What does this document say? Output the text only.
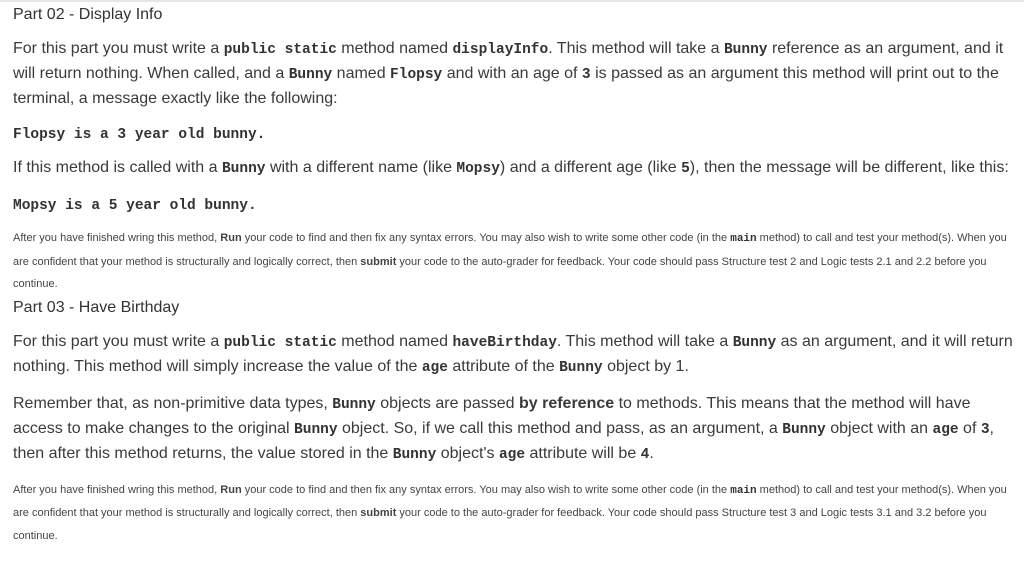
Part 02 - Display Info

For this part you must write a public static method named displayInfo. This method will take a Bunny reference as an argument, and it will return nothing. When called, and a Bunny named Flopsy and with an age of 3 is passed as an argument this method will print out to the terminal, a message exactly like the following:

Flopsy is a 3 year old bunny.

If this method is called with a Bunny with a different name (like Mopsy) and a different age (like 5), then the message will be different, like this:

Mopsy is a 5 year old bunny.

After you have finished wring this method, Run your code to find and then fix any syntax errors. You may also wish to write some other code (in the main method) to call and test your method(s). When you are confident that your method is structurally and logically correct, then submit your code to the auto-grader for feedback. Your code should pass Structure test 2 and Logic tests 2.1 and 2.2 before you continue.

Part 03 - Have Birthday

For this part you must write a public static method named haveBirthday. This method will take a Bunny as an argument, and it will return nothing. This method will simply increase the value of the age attribute of the Bunny object by 1.

Remember that, as non-primitive data types, Bunny objects are passed by reference to methods. This means that the method will have access to make changes to the original Bunny object. So, if we call this method and pass, as an argument, a Bunny object with an age of 3, then after this method returns, the value stored in the Bunny object's age attribute will be 4.

After you have finished wring this method, Run your code to find and then fix any syntax errors. You may also wish to write some other code (in the main method) to call and test your method(s). When you are confident that your method is structurally and logically correct, then submit your code to the auto-grader for feedback. Your code should pass Structure test 3 and Logic tests 3.1 and 3.2 before you continue.
